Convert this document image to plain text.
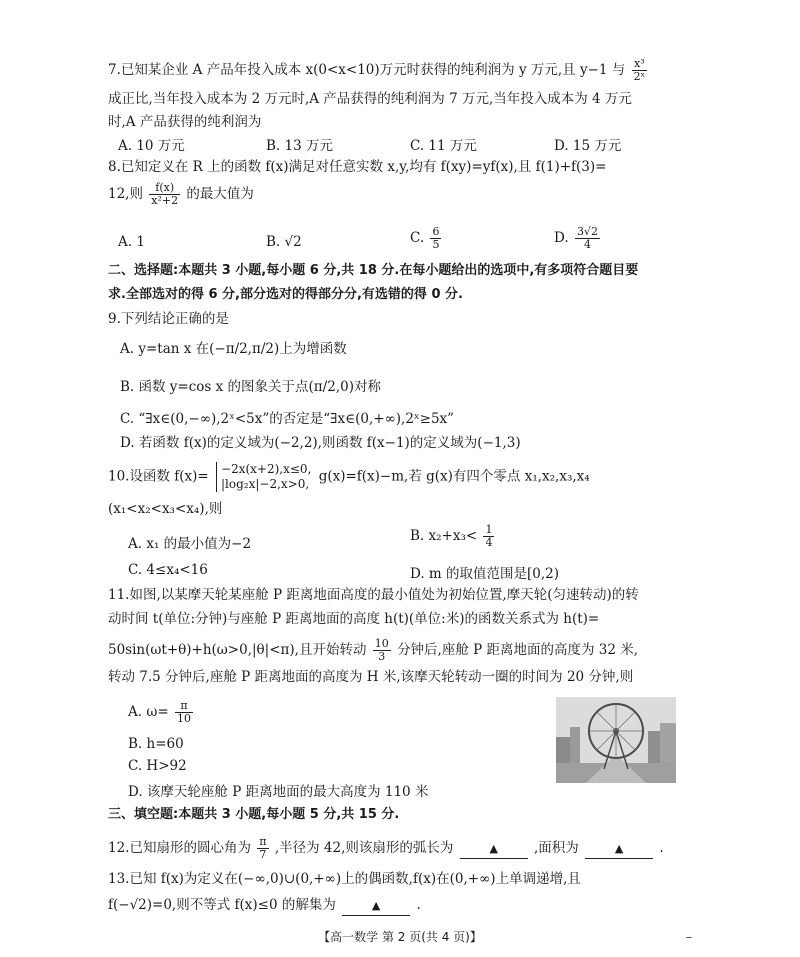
7.已知某企业 A 产品年投入成本 x(0<x<10)万元时获得的纯利润为 y 万元,且 y−1 与 $\frac{\text{x³}}{\text{2ˣ}}$
成正比,当年投入成本为 2 万元时,A 产品获得的纯利润为 7 万元,当年投入成本为 4 万元
时,A 产品获得的纯利润为
A. 10 万元	B. 13 万元	C. 11 万元	D. 15 万元
8.已知定义在 R 上的函数 f(x)满足对任意实数 x,y,均有 f(xy)=yf(x),且 f(1)+f(3)=
12,则 $\frac{f(x)}{\text{x²+2}}$ 的最大值为
A. 1	B. √2	C. $\frac{6}{5}$	D. $\frac{3√2}{4}$
二、选择题:本题共 3 小题,每小题 6 分,共 18 分.在每小题给出的选项中,有多项符合题目要
求.全部选对的得 6 分,部分选对的得部分分,有选错的得 0 分.
9.下列结论正确的是
A. y=tan x 在(−π/2,π/2)上为增函数
B. 函数 y=cos x 的图象关于点(π/2,0)对称
C. “∃x∈(0,−∞),2ˣ<5x”的否定是“∃x∈(0,+∞),2ˣ≥5x”
D. 若函数 f(x)的定义域为(−2,2),则函数 f(x−1)的定义域为(−1,3)
10.设函数 f(x)= −2x(x+2),x≤0,
|log₂x|−2,x>0, g(x)=f(x)−m,若 g(x)有四个零点 x₁,x₂,x₃,x₄
(x₁<x₂<x₃<x₄),则
A. x₁ 的最小值为−2	B. $x_2+x_3< \frac{1}{4}$
C. 4≤x₄<16	D. m 的取值范围是[0,2)
11.如图,以某摩天轮某座舱 P 距离地面高度的最小值处为初始位置,摩天轮(匀速转动)的转
动时间 t(单位:分钟)与座舱 P 距离地面的高度 h(t)(单位:米)的函数关系式为 h(t)=
50sin(ωt+θ)+h(ω>0,|θ|<π),且开始转动 $\frac{10}{3}$ 分钟后,座舱 P 距离地面的高度为 32 米,
转动 7.5 分钟后,座舱 P 距离地面的高度为 H 米,该摩天轮转动一圈的时间为 20 分钟,则
A. $\omega= \frac{\pi}{10}$
B. h=60
C. H>92
D. 该摩天轮座舱 P 距离地面的最大高度为 110 米
三、填空题:本题共 3 小题,每小题 5 分,共 15 分.
12.已知扇形的圆心角为 $\frac{\pi}{7}$ ,半径为 42,则该扇形的弧长为	▲	,面积为	▲	.
13.已知 f(x)为定义在(−∞,0)∪(0,+∞)上的偶函数,f(x)在(0,+∞)上单调递增,且
f(−√2)=0,则不等式 f(x)≤0 的解集为	▲	.
【高一数学 第 2 页(共 4 页)】	–
